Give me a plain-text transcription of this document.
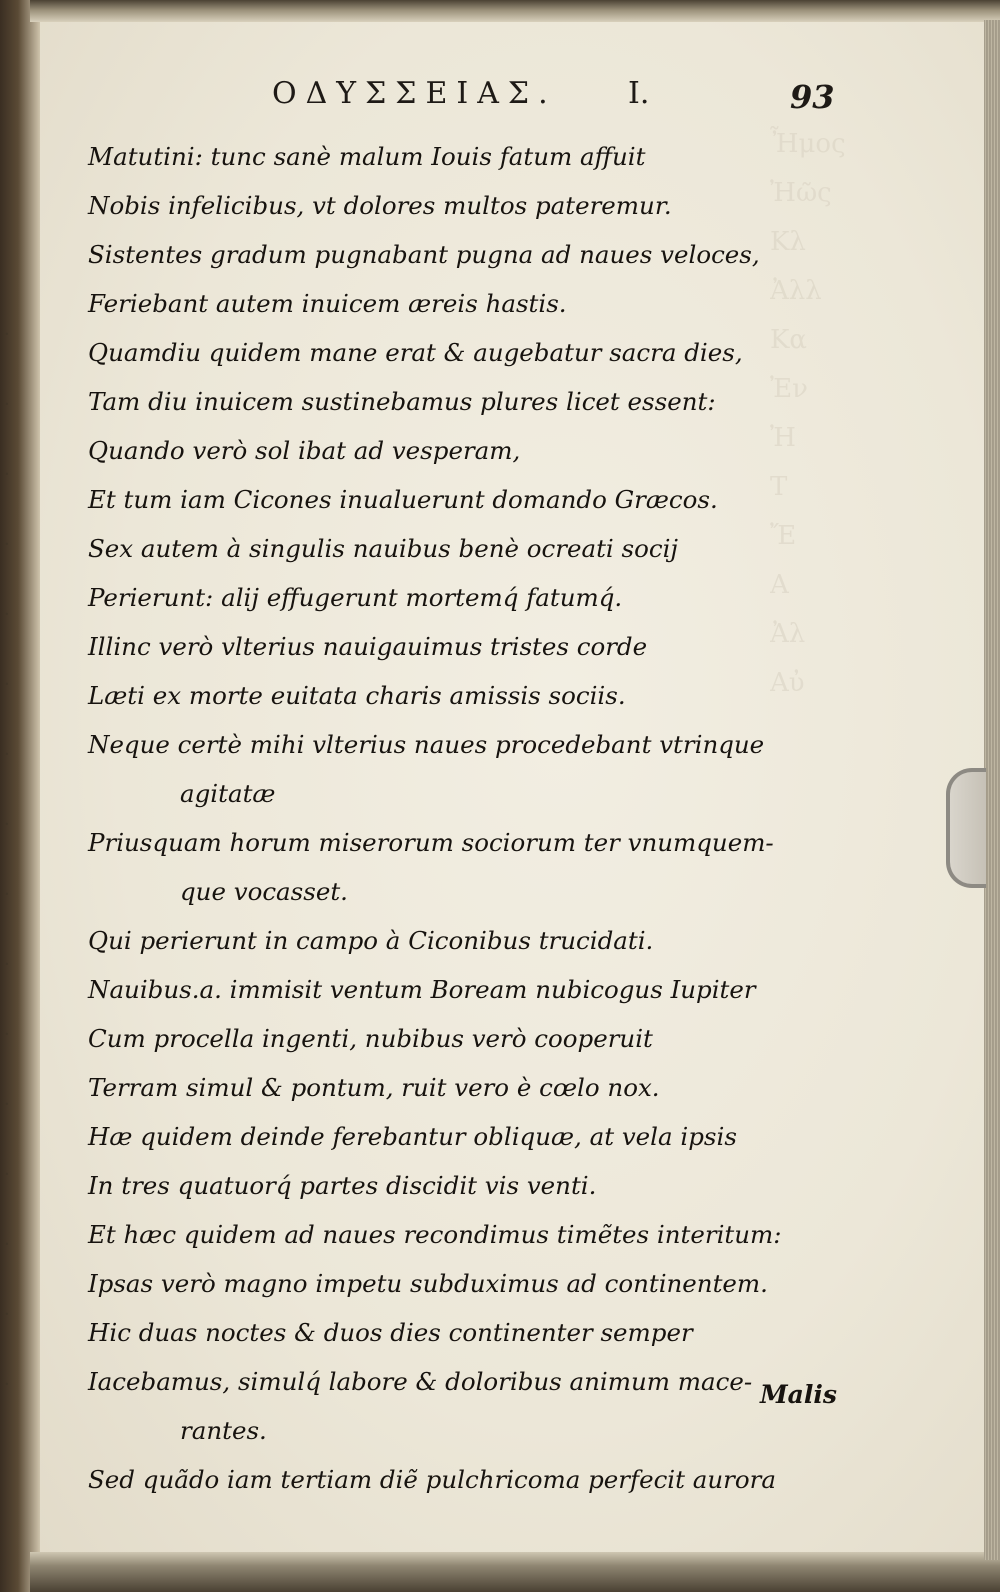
Ἦμος
Ἠῶς
Κλ
Ἀλλ
Κα
Ἐν
Ἠ
Τ
Ἔ
Α
Ἀλ
Αὐ
·
·
·
·
·
·
·
·
·
·
·
·
·
·
·
·
ΟΔΥΣΣΕΙΑΣ. Ι.	93
Matutini: tunc sanè malum Iouis fatum affuit
Nobis infelicibus, vt dolores multos pateremur.
Sistentes gradum pugnabant pugna ad naues veloces,
Feriebant autem inuicem æreis hastis.
Quamdiu quidem mane erat & augebatur sacra dies,
Tam diu inuicem sustinebamus plures licet essent:
Quando verò sol ibat ad vesperam,
Et tum iam Cicones inualuerunt domando Græcos.
Sex autem à singulis nauibus benè ocreati socij
Perierunt: alij effugerunt mortemq́ fatumq́.
Illinc verò vlterius nauigauimus tristes corde
Læti ex morte euitata charis amissis sociis.
Neque certè mihi vlterius naues procedebant vtrinque
agitatæ
Priusquam horum miserorum sociorum ter vnumquem-
que vocasset.
Qui perierunt in campo à Ciconibus trucidati.
Nauibus.a. immisit ventum Boream nubicogus Iupiter
Cum procella ingenti, nubibus verò cooperuit
Terram simul & pontum, ruit vero è cœlo nox.
Hæ quidem deinde ferebantur obliquæ, at vela ipsis
In tres quatuorq́ partes discidit vis venti.
Et hæc quidem ad naues recondimus timẽtes interitum:
Ipsas verò magno impetu subduximus ad continentem.
Hic duas noctes & duos dies continenter semper
Iacebamus, simulq́ labore & doloribus animum mace-
rantes.
Sed quãdo iam tertiam diẽ pulchricoma perfecit aurora
Malis
